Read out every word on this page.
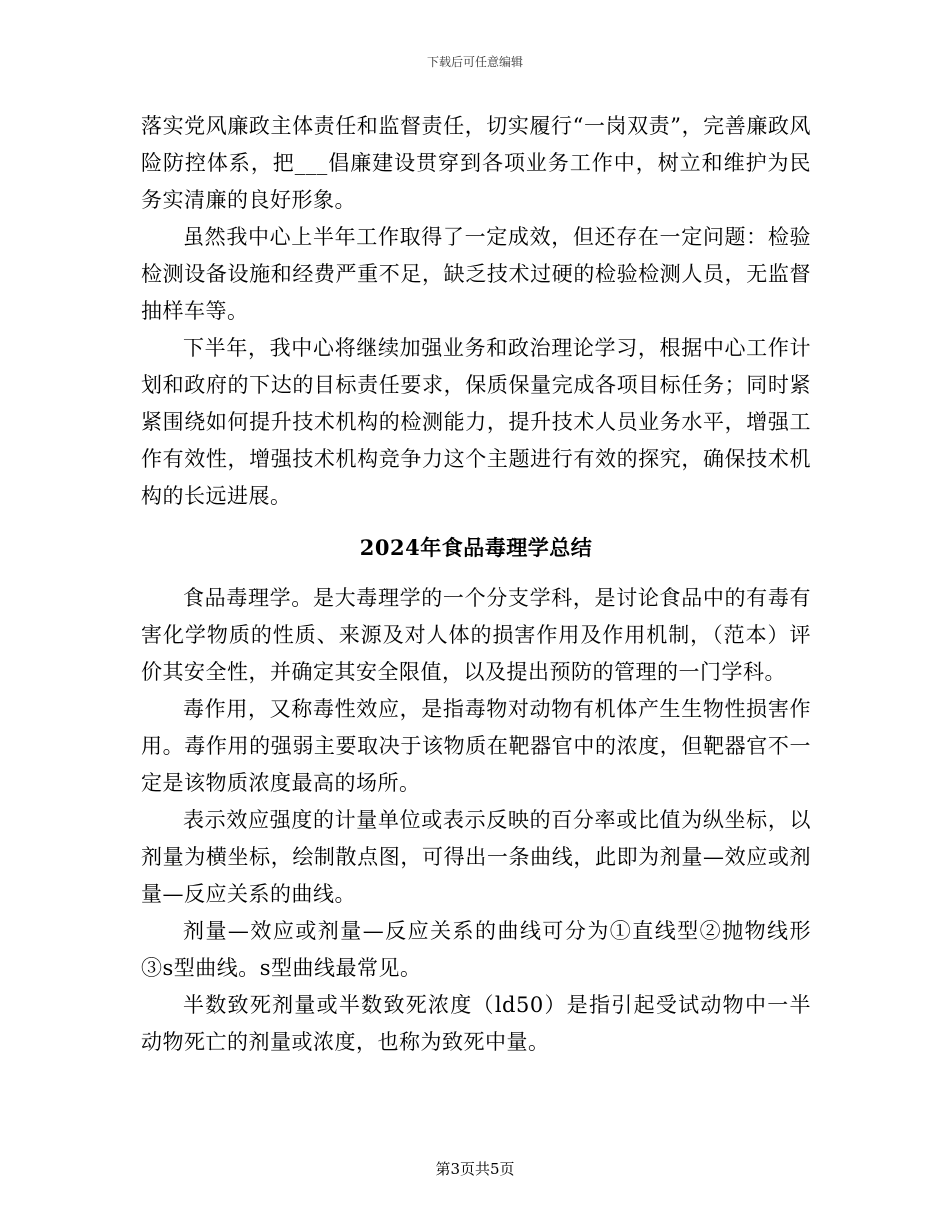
下载后可任意编辑

落实党风廉政主体责任和监督责任，切实履行“一岗双责”，完善廉政风险防控体系，把___倡廉建设贯穿到各项业务工作中，树立和维护为民务实清廉的良好形象。

虽然我中心上半年工作取得了一定成效，但还存在一定问题：检验检测设备设施和经费严重不足，缺乏技术过硬的检验检测人员，无监督抽样车等。

下半年，我中心将继续加强业务和政治理论学习，根据中心工作计划和政府的下达的目标责任要求，保质保量完成各项目标任务；同时紧紧围绕如何提升技术机构的检测能力，提升技术人员业务水平，增强工作有效性，增强技术机构竞争力这个主题进行有效的探究，确保技术机构的长远进展。

2024年食品毒理学总结

食品毒理学。是大毒理学的一个分支学科，是讨论食品中的有毒有害化学物质的性质、来源及对人体的损害作用及作用机制，（范本）评价其安全性，并确定其安全限值，以及提出预防的管理的一门学科。

毒作用，又称毒性效应，是指毒物对动物有机体产生生物性损害作用。毒作用的强弱主要取决于该物质在靶器官中的浓度，但靶器官不一定是该物质浓度最高的场所。

表示效应强度的计量单位或表示反映的百分率或比值为纵坐标，以剂量为横坐标，绘制散点图，可得出一条曲线，此即为剂量—效应或剂量—反应关系的曲线。

剂量—效应或剂量—反应关系的曲线可分为①直线型②抛物线形③s型曲线。s型曲线最常见。

半数致死剂量或半数致死浓度（ld50）是指引起受试动物中一半动物死亡的剂量或浓度，也称为致死中量。

第3页共5页
